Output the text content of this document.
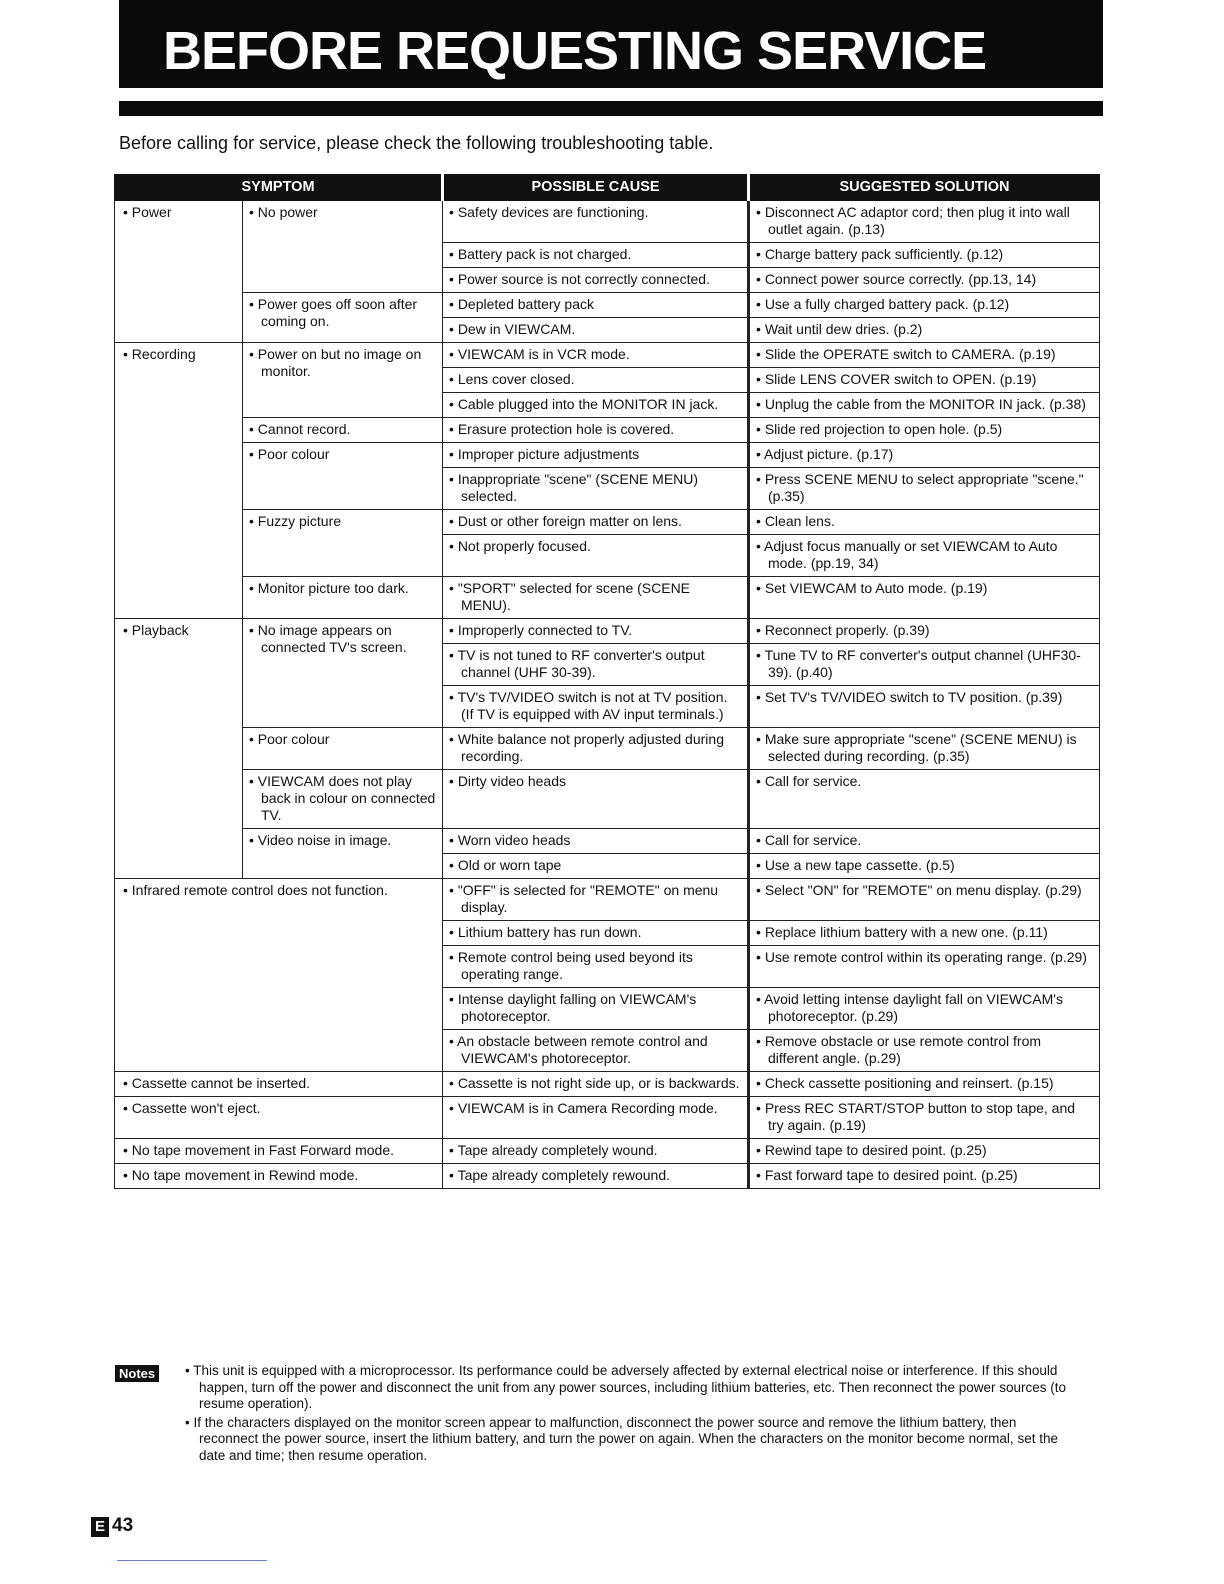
BEFORE REQUESTING SERVICE
Before calling for service, please check the following troubleshooting table.
SYMPTOM		POSSIBLE CAUSE	SUGGESTED SOLUTION

• Power	• No power	• Safety devices are functioning.	• Disconnect AC adaptor cord; then plug it into wall outlet again. (p.13)

		• Battery pack is not charged.	• Charge battery pack sufficiently. (p.12)

		• Power source is not correctly connected.	• Connect power source correctly. (pp.13, 14)

	• Power goes off soon after coming on.	• Depleted battery pack	• Use a fully charged battery pack. (p.12)

		• Dew in VIEWCAM.	• Wait until dew dries. (p.2)

• Recording	• Power on but no image on monitor.	• VIEWCAM is in VCR mode.	• Slide the OPERATE switch to CAMERA. (p.19)

		• Lens cover closed.	• Slide LENS COVER switch to OPEN. (p.19)

		• Cable plugged into the MONITOR IN jack.	• Unplug the cable from the MONITOR IN jack. (p.38)

	• Cannot record.	• Erasure protection hole is covered.	• Slide red projection to open hole. (p.5)

	• Poor colour	• Improper picture adjustments	• Adjust picture. (p.17)

		• Inappropriate "scene" (SCENE MENU) selected.	• Press SCENE MENU to select appropriate "scene." (p.35)

	• Fuzzy picture	• Dust or other foreign matter on lens.	• Clean lens.

		• Not properly focused.	• Adjust focus manually or set VIEWCAM to Auto mode. (pp.19, 34)

	• Monitor picture too dark.	• "SPORT" selected for scene (SCENE MENU).	• Set VIEWCAM to Auto mode. (p.19)

• Playback	• No image appears on connected TV's screen.	• Improperly connected to TV.	• Reconnect properly. (p.39)

		• TV is not tuned to RF converter's output channel (UHF 30-39).	• Tune TV to RF converter's output channel (UHF30-39). (p.40)

		• TV's TV/VIDEO switch is not at TV position. (If TV is equipped with AV input terminals.)	• Set TV's TV/VIDEO switch to TV position. (p.39)

	• Poor colour	• White balance not properly adjusted during recording.	• Make sure appropriate "scene" (SCENE MENU) is selected during recording. (p.35)

	• VIEWCAM does not play back in colour on connected TV.	• Dirty video heads	• Call for service.

	• Video noise in image.	• Worn video heads	• Call for service.

		• Old or worn tape	• Use a new tape cassette. (p.5)

• Infrared remote control does not function.		• "OFF" is selected for "REMOTE" on menu display.	• Select "ON" for "REMOTE" on menu display. (p.29)

		• Lithium battery has run down.	• Replace lithium battery with a new one. (p.11)

		• Remote control being used beyond its operating range.	• Use remote control within its operating range. (p.29)

		• Intense daylight falling on VIEWCAM's photoreceptor.	• Avoid letting intense daylight fall on VIEWCAM's photoreceptor. (p.29)

		• An obstacle between remote control and VIEWCAM's photoreceptor.	• Remove obstacle or use remote control from different angle. (p.29)

• Cassette cannot be inserted.		• Cassette is not right side up, or is backwards.	• Check cassette positioning and reinsert. (p.15)

• Cassette won't eject.		• VIEWCAM is in Camera Recording mode.	• Press REC START/STOP button to stop tape, and try again. (p.19)

• No tape movement in Fast Forward mode.		• Tape already completely wound.	• Rewind tape to desired point. (p.25)

• No tape movement in Rewind mode.		• Tape already completely rewound.	• Fast forward tape to desired point. (p.25)
Notes	• This unit is equipped with a microprocessor. Its performance could be adversely affected by external electrical noise or interference. If this should happen, turn off the power and disconnect the unit from any power sources, including lithium batteries, etc. Then reconnect the power sources (to resume operation).
• If the characters displayed on the monitor screen appear to malfunction, disconnect the power source and remove the lithium battery, then reconnect the power source, insert the lithium battery, and turn the power on again. When the characters on the monitor become normal, set the date and time; then resume operation.
E 43
